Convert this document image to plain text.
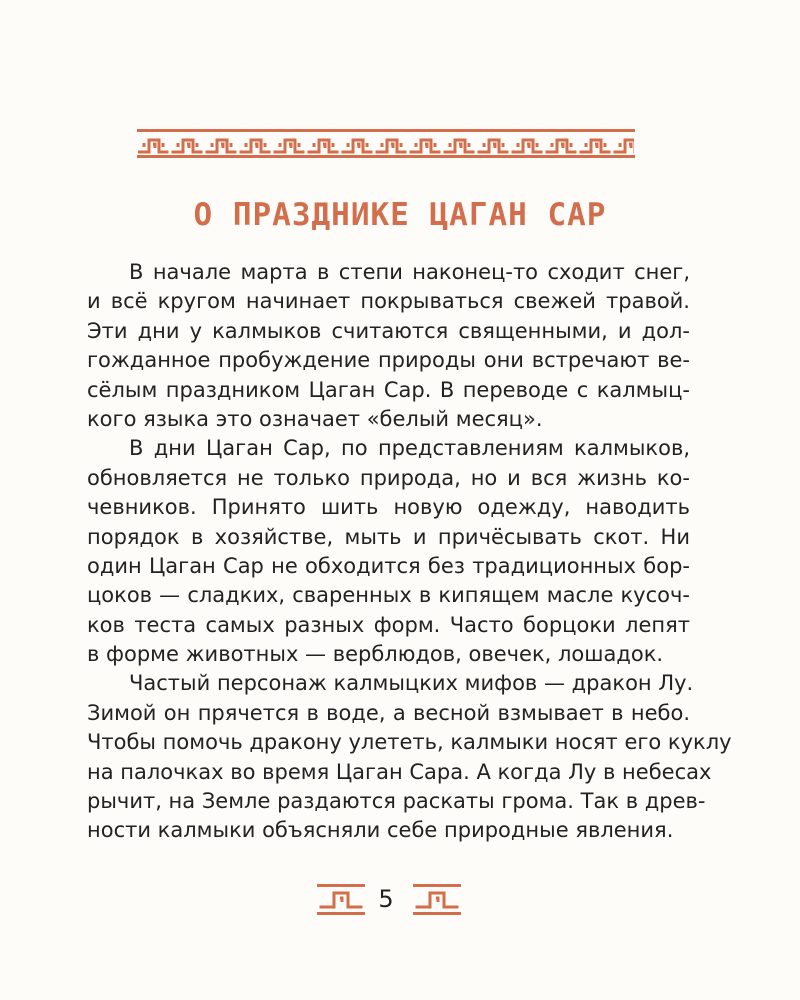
О ПРАЗДНИКЕ ЦАГАН САР

В начале марта в степи наконец-то сходит снег,
и всё кругом начинает покрываться свежей травой.
Эти дни у калмыков считаются священными, и дол-
гожданное пробуждение природы они встречают ве-
сёлым праздником Цаган Сар. В переводе с калмыц-
кого языка это означает «белый месяц».

В дни Цаган Сар, по представлениям калмыков,
обновляется не только природа, но и вся жизнь ко-
чевников. Принято шить новую одежду, наводить
порядок в хозяйстве, мыть и причёсывать скот. Ни
один Цаган Сар не обходится без традиционных бор-
цоков — сладких, сваренных в кипящем масле кусоч-
ков теста самых разных форм. Часто борцоки лепят
в форме животных — верблюдов, овечек, лошадок.

Частый персонаж калмыцких мифов — дракон Лу.
Зимой он прячется в воде, а весной взмывает в небо.
Чтобы помочь дракону улететь, калмыки носят его куклу
на палочках во время Цаган Сара. А когда Лу в небесах
рычит, на Земле раздаются раскаты грома. Так в древ-
ности калмыки объясняли себе природные явления.

5
